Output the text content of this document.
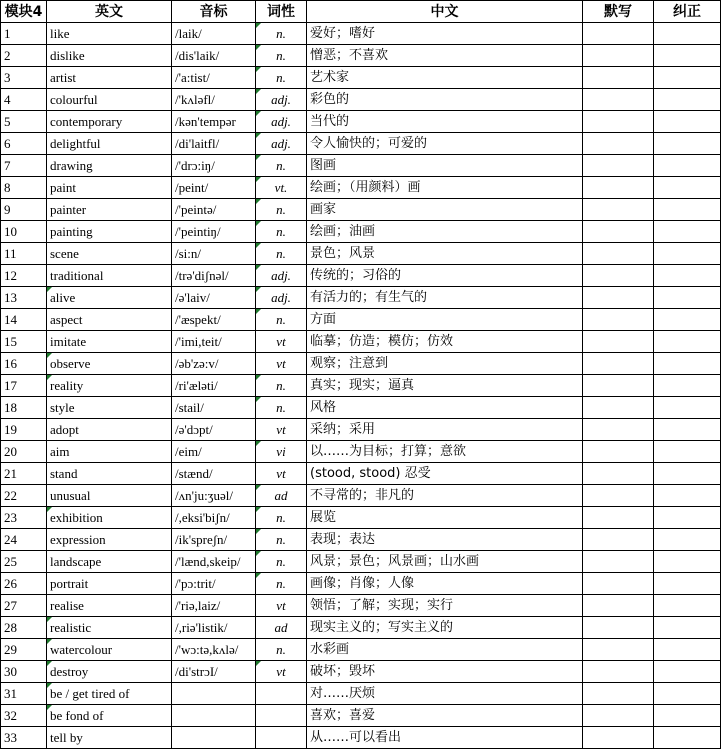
模块4	英文	音标	词性	中文	默写	纠正
1	like	/laik/	n.	爱好；嗜好		
2	dislike	/dis'laik/	n.	憎恶；不喜欢		
3	artist	/'a:tist/	n.	艺术家		
4	colourful	/'kʌləfl/	adj.	彩色的		
5	contemporary	/kən'tempər	adj.	当代的		
6	delightful	/di'laitfl/	adj.	令人愉快的；可爱的		
7	drawing	/'drɔ:iŋ/	n.	图画		
8	paint	/peint/	vt.	绘画；（用颜料）画		
9	painter	/'peintə/	n.	画家		
10	painting	/'peintiŋ/	n.	绘画；油画		
11	scene	/si:n/	n.	景色；风景		
12	traditional	/trə'diʃnəl/	adj.	传统的；习俗的		
13	alive	/ə'laiv/	adj.	有活力的；有生气的		
14	aspect	/'æspekt/	n.	方面		
15	imitate	/'imi,teit/	vt	临摹；仿造；模仿；仿效		
16	observe	/əb'zə:v/	vt	观察；注意到		
17	reality	/ri'æləti/	n.	真实；现实；逼真		
18	style	/stail/	n.	风格		
19	adopt	/ə'dɔpt/	vt	采纳；采用		
20	aim	/eim/	vi	以……为目标；打算；意欲		
21	stand	/stænd/	vt	(stood, stood) 忍受		
22	unusual	/ʌn'ju:ʒuəl/	ad	不寻常的；非凡的		
23	exhibition	/,eksi'biʃn/	n.	展览		
24	expression	/ik'spreʃn/	n.	表现；表达		
25	landscape	/'lænd,skeip/	n.	风景；景色；风景画；山水画		
26	portrait	/'pɔ:trit/	n.	画像；肖像；人像		
27	realise	/'riə,laiz/	vt	领悟；了解；实现；实行		
28	realistic	/,riə'listik/	ad	现实主义的；写实主义的		
29	watercolour	/'wɔ:tə,kʌlə/	n.	水彩画		
30	destroy	/di'strɔI/	vt	破坏；毁坏		
31	be / get tired of			对……厌烦		
32	be fond of			喜欢；喜爱		
33	tell by			从……可以看出		
